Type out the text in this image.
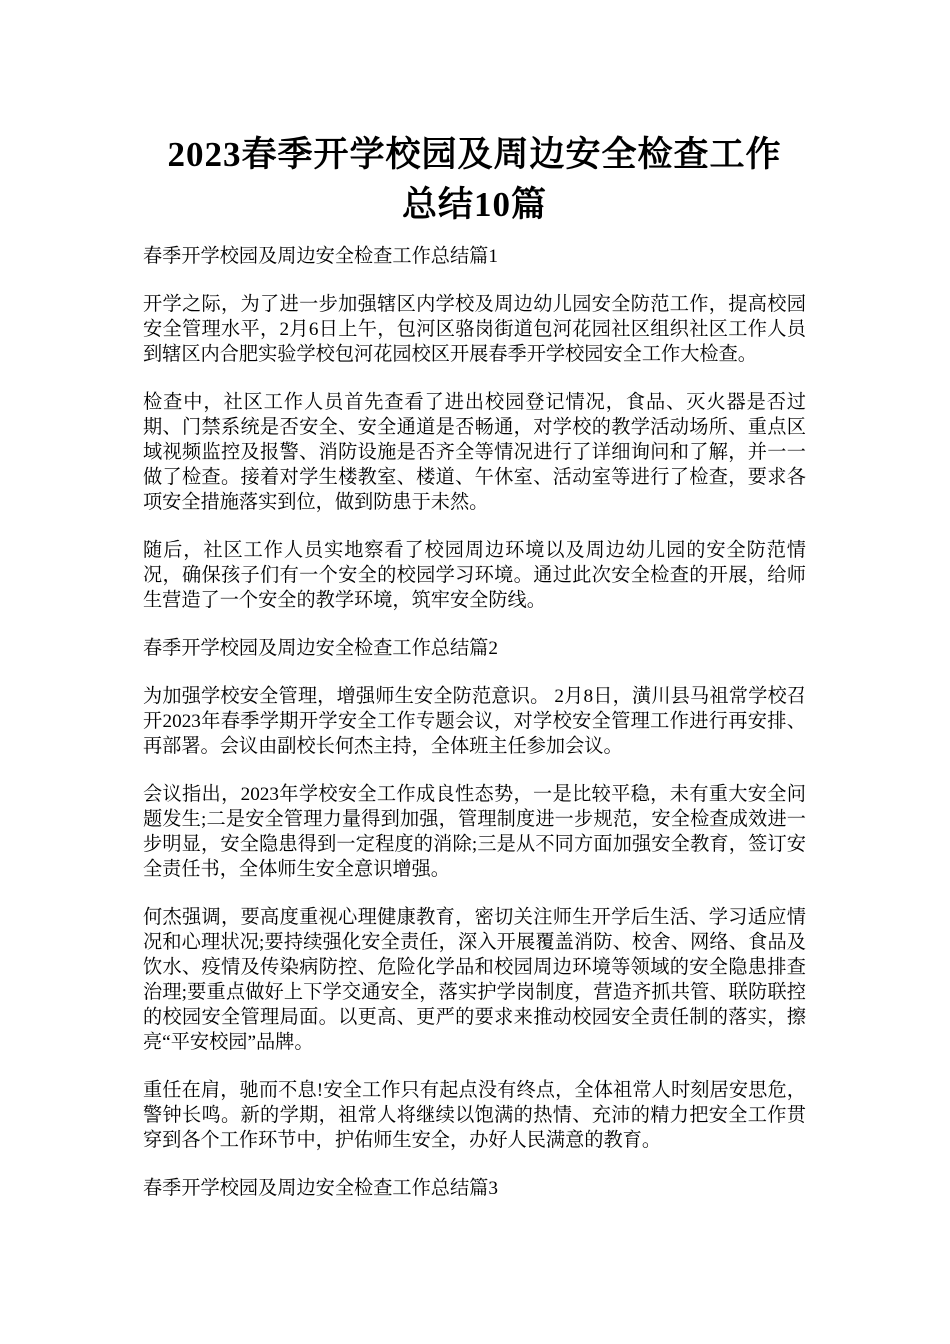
2023春季开学校园及周边安全检查工作
总结10篇

春季开学校园及周边安全检查工作总结篇1

开学之际，为了进一步加强辖区内学校及周边幼儿园安全防范工作，提高校园安全管理水平，2月6日上午，包河区骆岗街道包河花园社区组织社区工作人员到辖区内合肥实验学校包河花园校区开展春季开学校园安全工作大检查。

检查中，社区工作人员首先查看了进出校园登记情况，食品、灭火器是否过期、门禁系统是否安全、安全通道是否畅通，对学校的教学活动场所、重点区域视频监控及报警、消防设施是否齐全等情况进行了详细询问和了解，并一一做了检查。接着对学生楼教室、楼道、午休室、活动室等进行了检查，要求各项安全措施落实到位，做到防患于未然。

随后，社区工作人员实地察看了校园周边环境以及周边幼儿园的安全防范情况，确保孩子们有一个安全的校园学习环境。通过此次安全检查的开展，给师生营造了一个安全的教学环境，筑牢安全防线。

春季开学校园及周边安全检查工作总结篇2

为加强学校安全管理，增强师生安全防范意识。 2月8日，潢川县马祖常学校召开2023年春季学期开学安全工作专题会议，对学校安全管理工作进行再安排、再部署。会议由副校长何杰主持，全体班主任参加会议。

会议指出，2023年学校安全工作成良性态势，一是比较平稳，未有重大安全问题发生;二是安全管理力量得到加强，管理制度进一步规范，安全检查成效进一步明显，安全隐患得到一定程度的消除;三是从不同方面加强安全教育，签订安全责任书，全体师生安全意识增强。

何杰强调，要高度重视心理健康教育，密切关注师生开学后生活、学习适应情况和心理状况;要持续强化安全责任，深入开展覆盖消防、校舍、网络、食品及饮水、疫情及传染病防控、危险化学品和校园周边环境等领域的安全隐患排查治理;要重点做好上下学交通安全，落实护学岗制度，营造齐抓共管、联防联控的校园安全管理局面。以更高、更严的要求来推动校园安全责任制的落实，擦亮“平安校园”品牌。

重任在肩，驰而不息!安全工作只有起点没有终点，全体祖常人时刻居安思危，警钟长鸣。新的学期，祖常人将继续以饱满的热情、充沛的精力把安全工作贯穿到各个工作环节中，护佑师生安全，办好人民满意的教育。

春季开学校园及周边安全检查工作总结篇3
